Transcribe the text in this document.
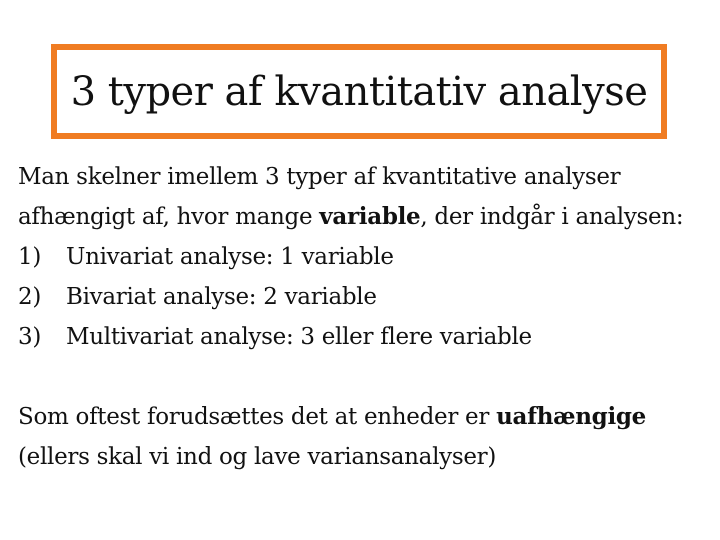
3 typer af kvantitativ analyse

Man skelner imellem 3 typer af kvantitative analyser afhængigt af, hvor mange variable, der indgår i analysen:

1)	Univariat analyse: 1 variable
2)	Bivariat analyse: 2 variable
3)	Multivariat analyse: 3 eller flere variable

Som oftest forudsættes det at enheder er uafhængige (ellers skal vi ind og lave variansanalyser)
